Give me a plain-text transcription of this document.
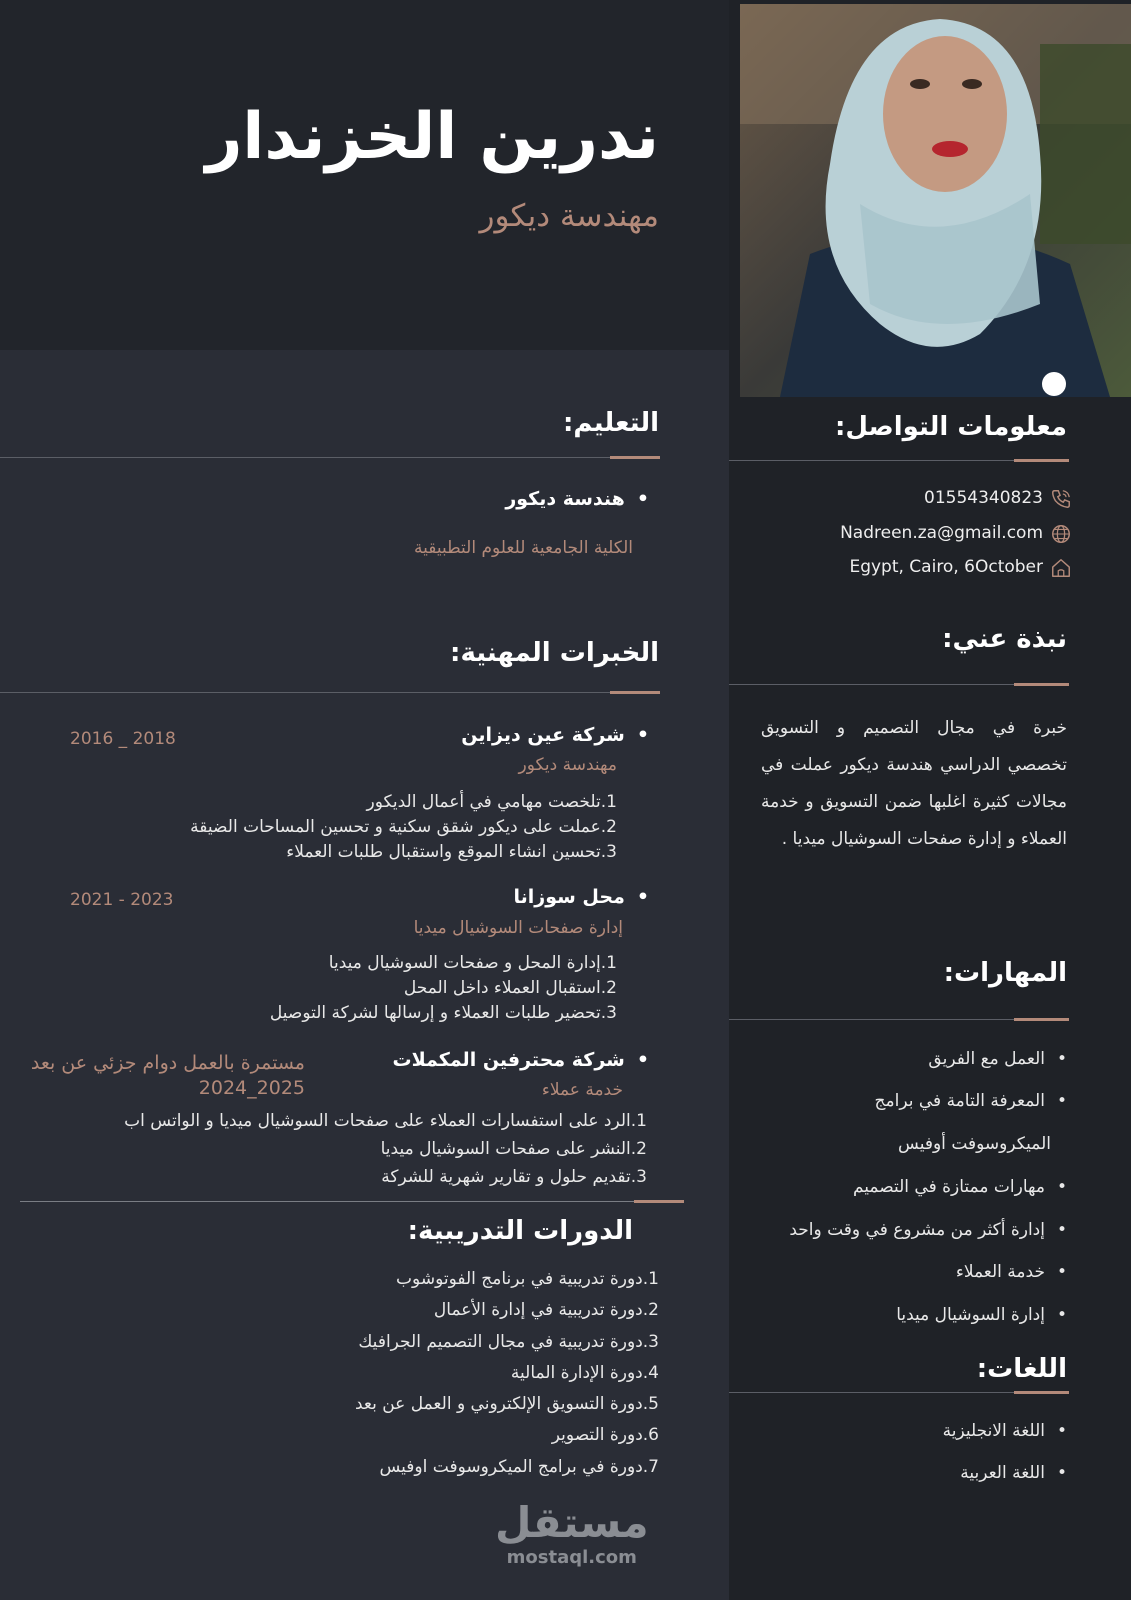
ندرين الخزندار
مهندسة ديكور
معلومات التواصل:
01554340823
Nadreen.za@gmail.com
Egypt, Cairo, 6October
نبذة عني:
خبرة في مجال التصميم و التسويق تخصصي الدراسي هندسة ديكور عملت في مجالات كثيرة اغلبها ضمن التسويق و خدمة العملاء و إدارة صفحات السوشيال ميديا .
المهارات:
• العمل مع الفريق
• المعرفة التامة في برامج
الميكروسوفت أوفيس
• مهارات ممتازة في التصميم
• إدارة أكثر من مشروع في وقت واحد
• خدمة العملاء
• إدارة السوشيال ميديا
اللغات:
• اللغة الانجليزية
• اللغة العربية
التعليم:
• هندسة ديكور
الكلية الجامعية للعلوم التطبيقية
الخبرات المهنية:
• شركة عين ديزاين
2018 _ 2016
مهندسة ديكور
1.تلخصت مهامي في أعمال الديكور
2.عملت على ديكور شقق سكنية و تحسين المساحات الضيقة
3.تحسين انشاء الموقع واستقبال طلبات العملاء
• محل سوزانا
2023 - 2021
إدارة صفحات السوشيال ميديا
1.إدارة المحل و صفحات السوشيال ميديا
2.استقبال العملاء داخل المحل
3.تحضير طلبات العملاء و إرسالها لشركة التوصيل
• شركة محترفين المكملات
مستمرة بالعمل دوام جزئي عن بعد
2025_2024	خدمة عملاء
1.الرد على استفسارات العملاء على صفحات السوشيال ميديا و الواتس اب
2.النشر على صفحات السوشيال ميديا
3.تقديم حلول و تقارير شهرية للشركة
الدورات التدريبية:
1.دورة تدريبية في برنامج الفوتوشوب
2.دورة تدريبية في إدارة الأعمال
3.دورة تدريبية في مجال التصميم الجرافيك
4.دورة الإدارة المالية
5.دورة التسويق الإلكتروني و العمل عن بعد
6.دورة التصوير
7.دورة في برامج الميكروسوفت اوفيس
مستقل
mostaql.com
